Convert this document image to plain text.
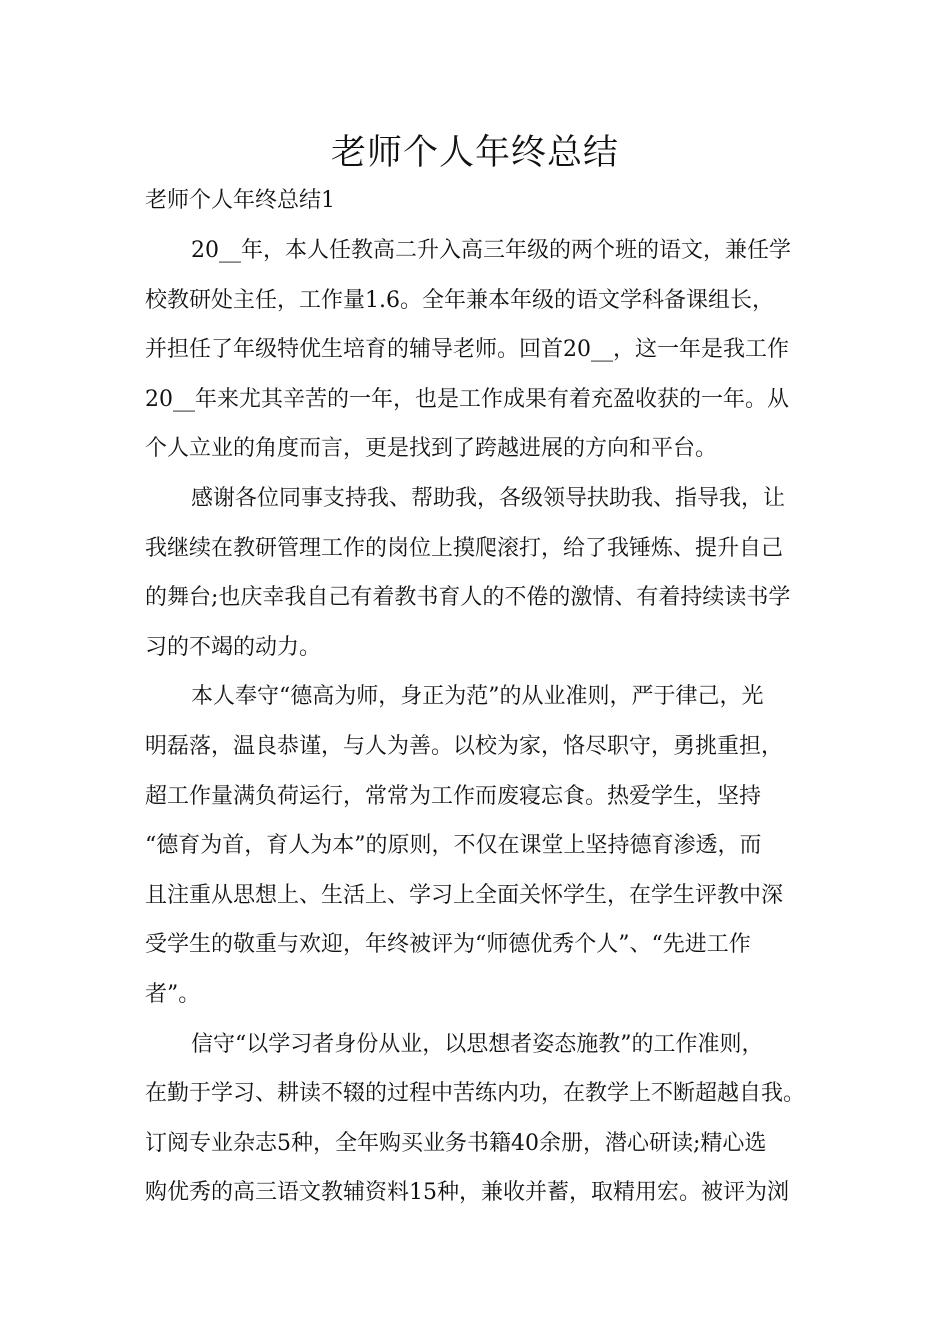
老师个人年终总结

老师个人年终总结1

20__年，本人任教高二升入高三年级的两个班的语文，兼任学
校教研处主任，工作量1.6。全年兼本年级的语文学科备课组长，
并担任了年级特优生培育的辅导老师。回首20__，这一年是我工作
20__年来尤其辛苦的一年，也是工作成果有着充盈收获的一年。从
个人立业的角度而言，更是找到了跨越进展的方向和平台。

感谢各位同事支持我、帮助我，各级领导扶助我、指导我，让
我继续在教研管理工作的岗位上摸爬滚打，给了我锤炼、提升自己
的舞台;也庆幸我自己有着教书育人的不倦的激情、有着持续读书学
习的不竭的动力。

本人奉守“德高为师，身正为范”的从业准则，严于律己，光
明磊落，温良恭谨，与人为善。以校为家，恪尽职守，勇挑重担，
超工作量满负荷运行，常常为工作而废寝忘食。热爱学生，坚持
“德育为首，育人为本”的原则，不仅在课堂上坚持德育渗透，而
且注重从思想上、生活上、学习上全面关怀学生，在学生评教中深
受学生的敬重与欢迎，年终被评为“师德优秀个人”、“先进工作
者”。

信守“以学习者身份从业，以思想者姿态施教”的工作准则，
在勤于学习、耕读不辍的过程中苦练内功，在教学上不断超越自我。
订阅专业杂志5种，全年购买业务书籍40余册，潜心研读;精心选
购优秀的高三语文教辅资料15种，兼收并蓄，取精用宏。被评为浏
